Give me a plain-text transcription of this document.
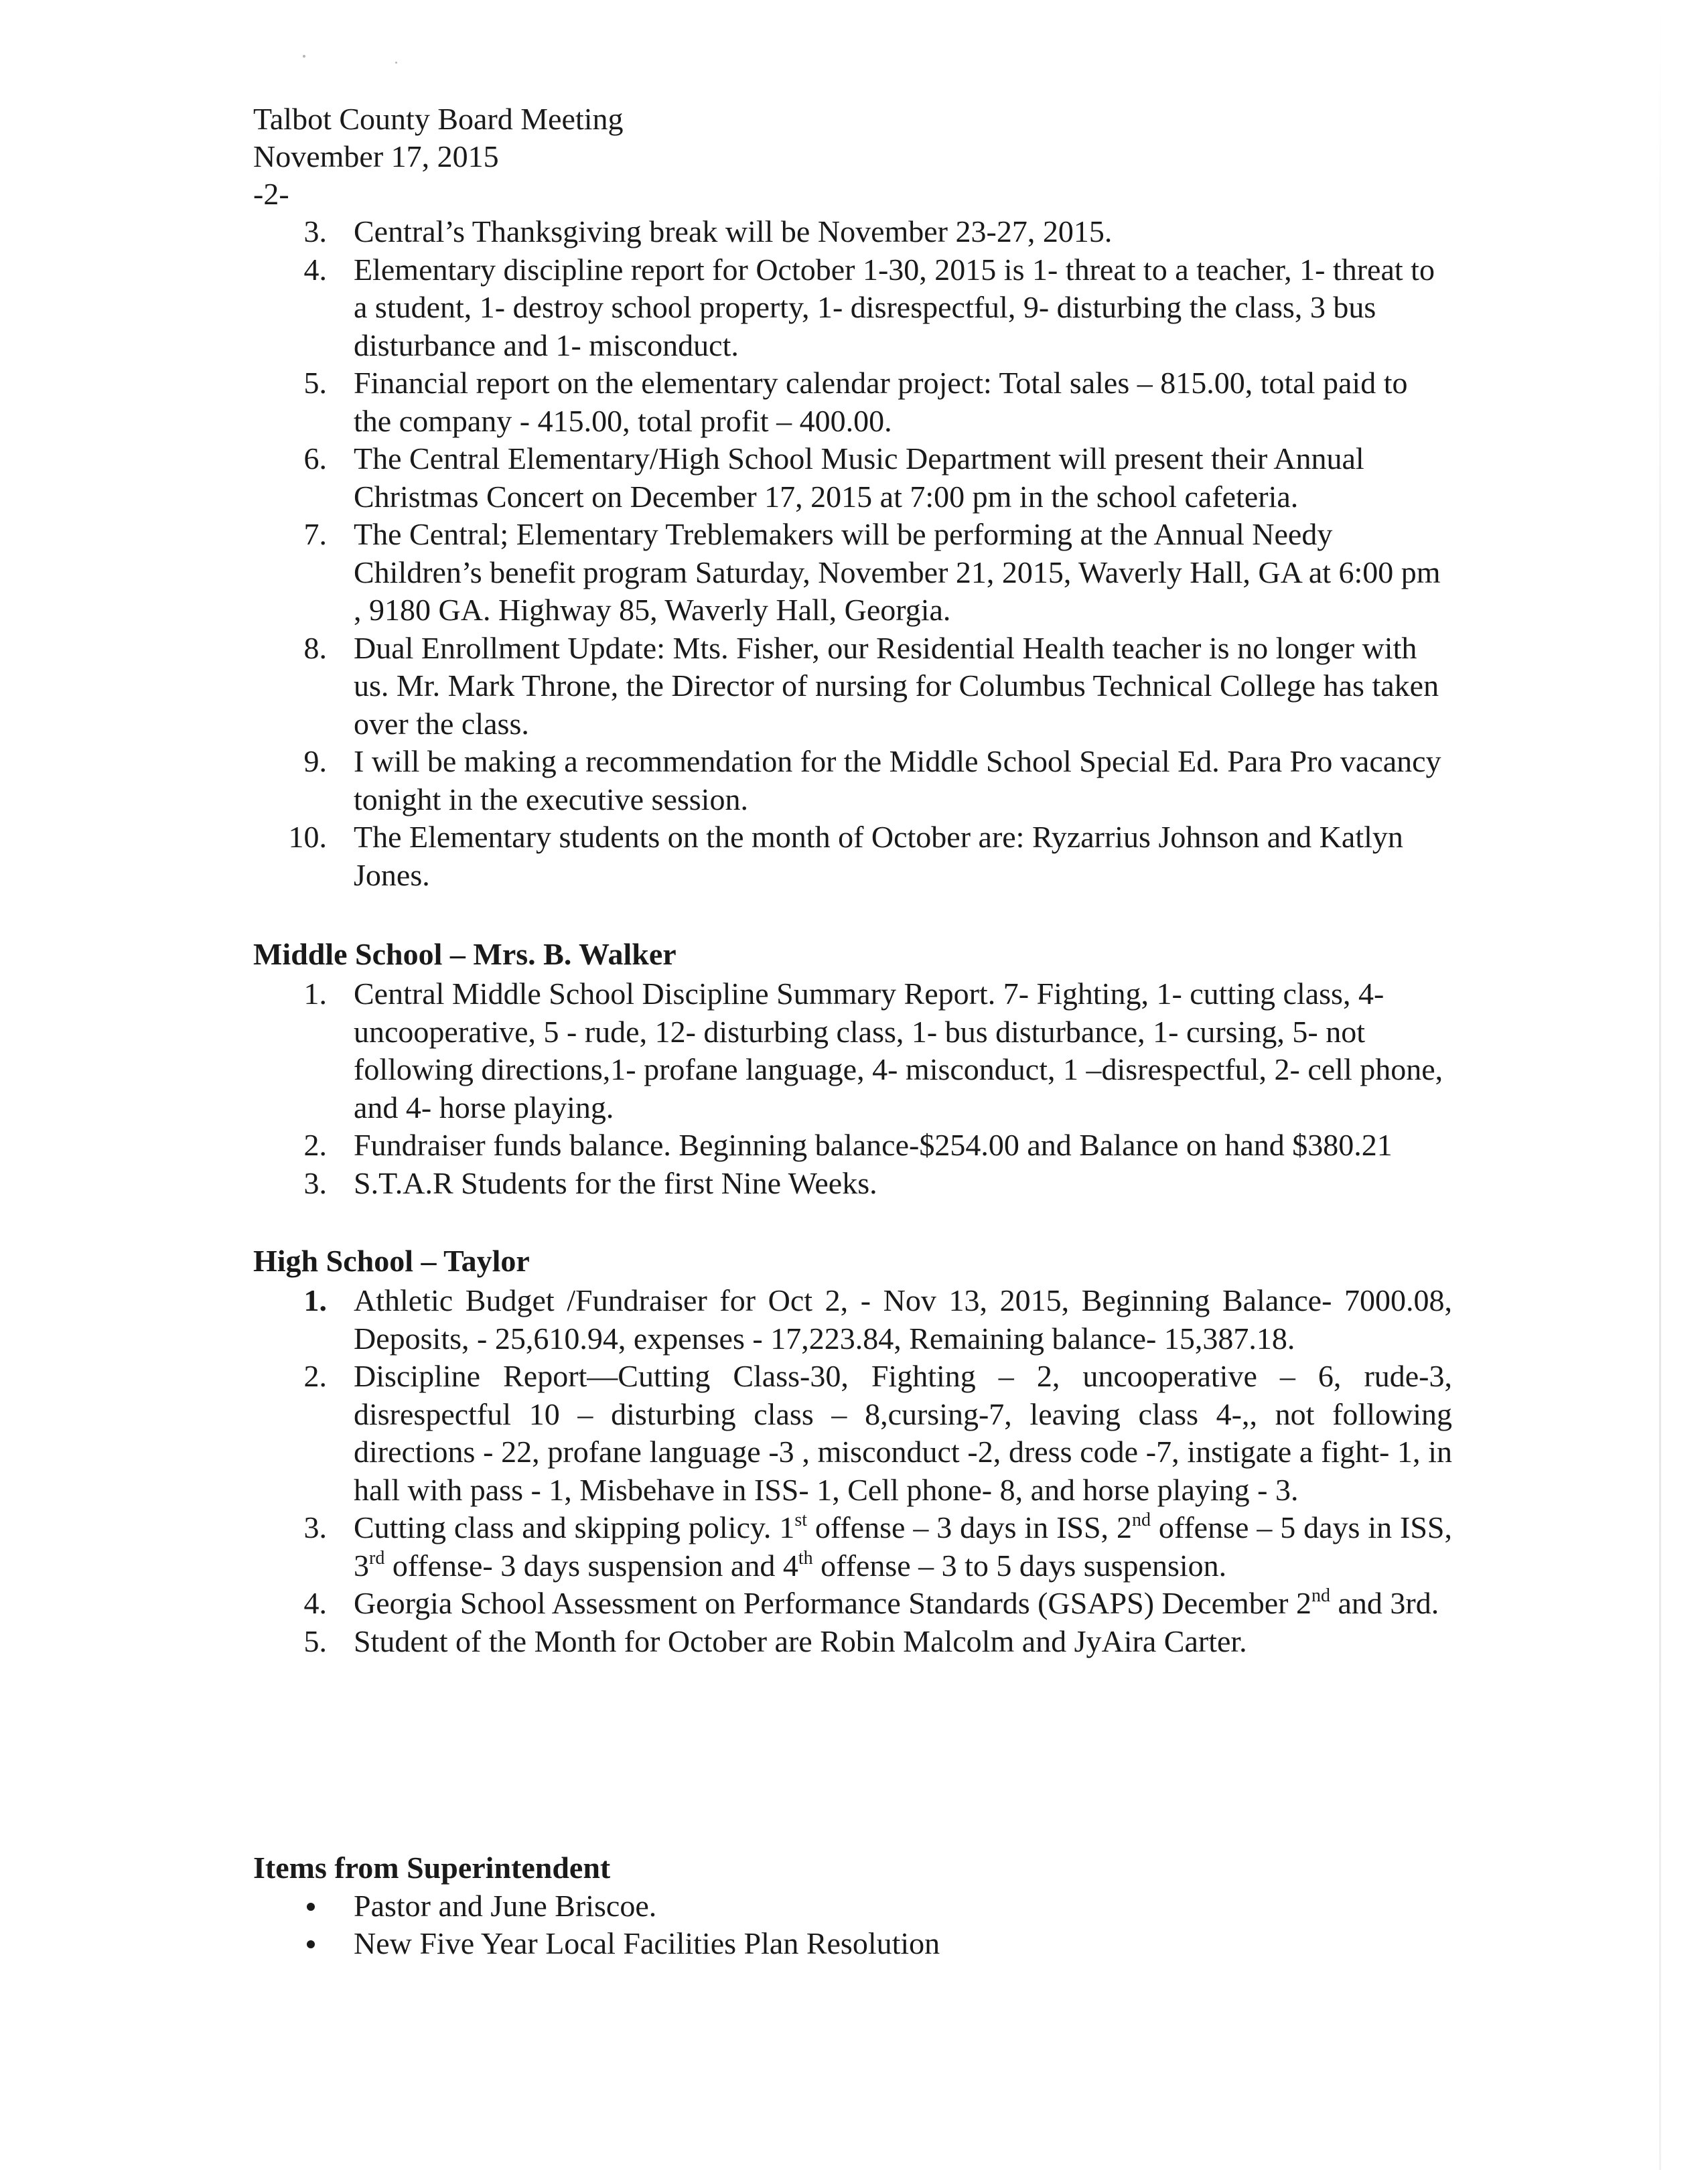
Talbot County Board Meeting
November 17, 2015
-2-
3. Central’s Thanksgiving break will be November 23-27, 2015.
4. Elementary discipline report for October 1-30, 2015 is 1- threat to a teacher, 1- threat to a student, 1- destroy school property, 1- disrespectful, 9- disturbing the class, 3 bus disturbance and 1- misconduct.
5. Financial report on the elementary calendar project: Total sales – 815.00, total paid to the company - 415.00, total profit – 400.00.
6. The Central Elementary/High School Music Department will present their Annual Christmas Concert on December 17, 2015 at 7:00 pm in the school cafeteria.
7. The Central; Elementary Treblemakers will be performing at the Annual Needy Children’s benefit program Saturday, November 21, 2015, Waverly Hall, GA at 6:00 pm , 9180 GA. Highway 85, Waverly Hall, Georgia.
8. Dual Enrollment Update: Mts. Fisher, our Residential Health teacher is no longer with us. Mr. Mark Throne, the Director of nursing for Columbus Technical College has taken over the class.
9. I will be making a recommendation for the Middle School Special Ed. Para Pro vacancy tonight in the executive session.
10. The Elementary students on the month of October are: Ryzarrius Johnson and Katlyn Jones.
Middle School – Mrs. B. Walker
1. Central Middle School Discipline Summary Report. 7- Fighting, 1- cutting class, 4- uncooperative, 5 - rude, 12- disturbing class, 1- bus disturbance, 1- cursing, 5- not following directions,1- profane language, 4- misconduct, 1 –disrespectful, 2- cell phone, and 4- horse playing.
2. Fundraiser funds balance. Beginning balance-$254.00 and Balance on hand $380.21
3. S.T.A.R Students for the first Nine Weeks.
High School – Taylor
1. Athletic Budget /Fundraiser for Oct 2, - Nov 13, 2015, Beginning Balance- 7000.08, Deposits, - 25,610.94, expenses - 17,223.84, Remaining balance- 15,387.18.
2. Discipline Report—Cutting Class-30, Fighting – 2, uncooperative – 6, rude-3, disrespectful 10 – disturbing class – 8,cursing-7, leaving class 4-,, not following directions - 22, profane language -3 , misconduct -2, dress code -7, instigate a fight- 1, in hall with pass - 1, Misbehave in ISS- 1, Cell phone- 8, and horse playing - 3.
3. Cutting class and skipping policy. 1st offense – 3 days in ISS, 2nd offense – 5 days in ISS, 3rd offense- 3 days suspension and 4th offense – 3 to 5 days suspension.
4. Georgia School Assessment on Performance Standards (GSAPS) December 2nd and 3rd.
5. Student of the Month for October are Robin Malcolm and JyAira Carter.
Items from Superintendent
Pastor and June Briscoe.
New Five Year Local Facilities Plan Resolution
